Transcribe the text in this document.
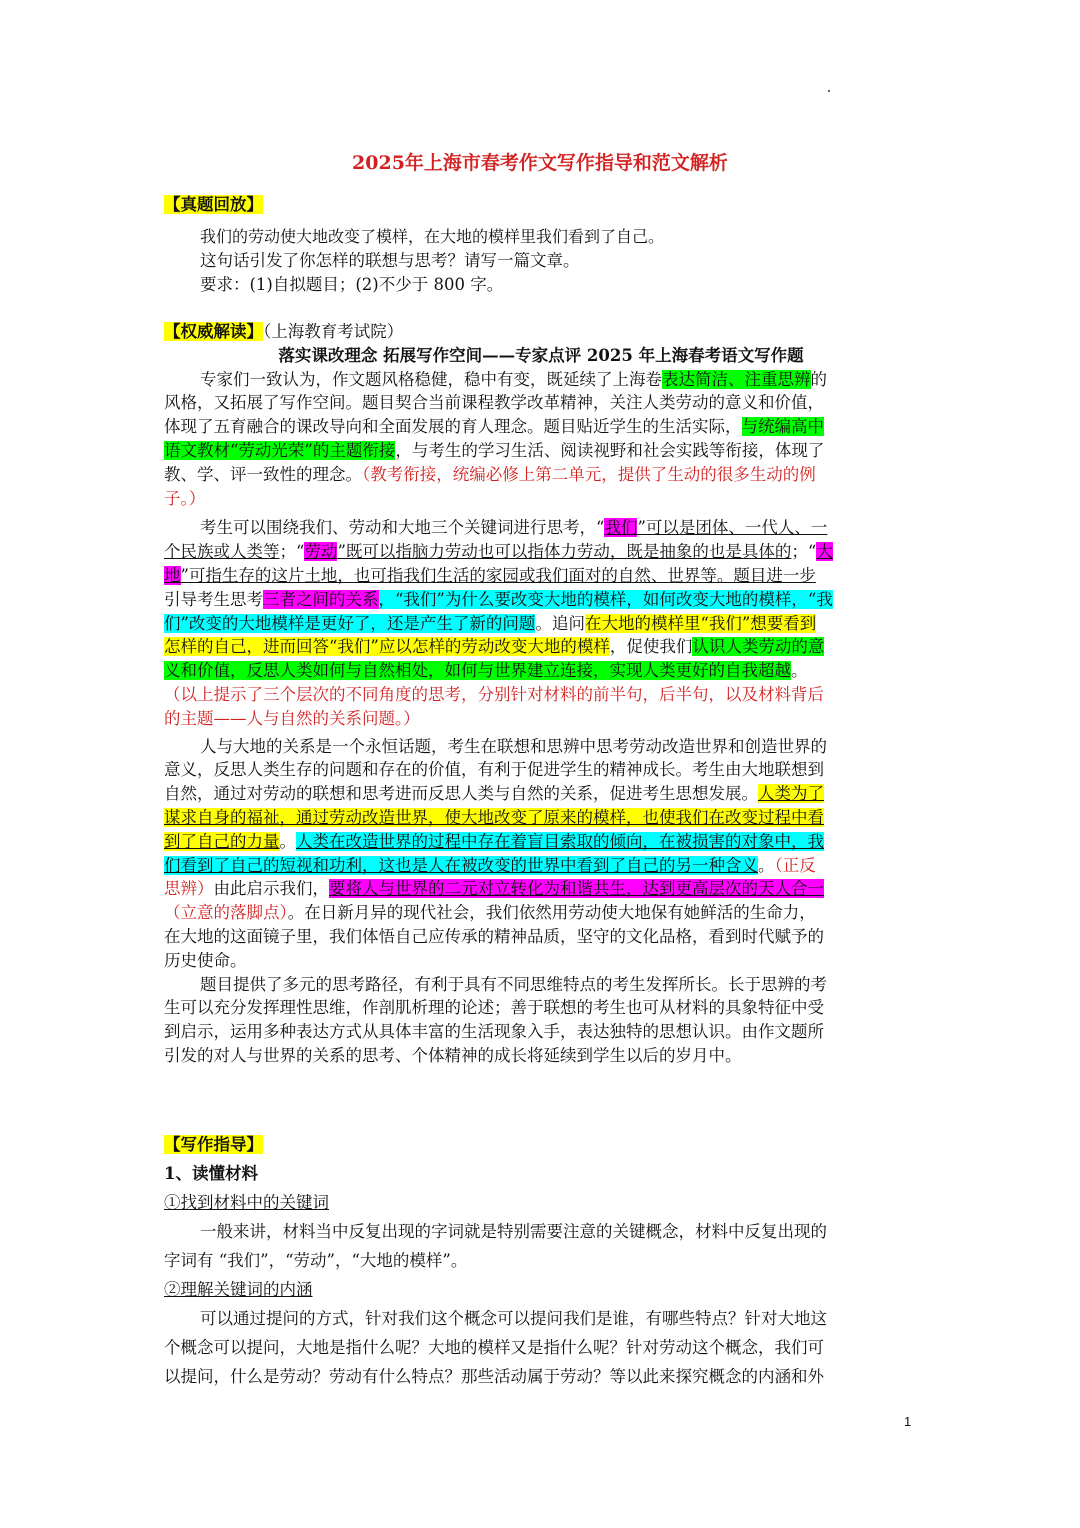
2025年上海市春考作文写作指导和范文解析
【真题回放】
我们的劳动使大地改变了模样，在大地的模样里我们看到了自己。
这句话引发了你怎样的联想与思考？请写一篇文章。
要求：(1)自拟题目；(2)不少于 800 字。
【权威解读】（上海教育考试院）
落实课改理念 拓展写作空间——专家点评 2025 年上海春考语文写作题
专家们一致认为，作文题风格稳健，稳中有变，既延续了上海卷表达简洁、注重思辨的
风格，又拓展了写作空间。题目契合当前课程教学改革精神，关注人类劳动的意义和价值，
体现了五育融合的课改导向和全面发展的育人理念。题目贴近学生的生活实际，与统编高中
语文教材“劳动光荣”的主题衔接，与考生的学习生活、阅读视野和社会实践等衔接，体现了
教、学、评一致性的理念。（教考衔接，统编必修上第二单元，提供了生动的很多生动的例
子。）
考生可以围绕我们、劳动和大地三个关键词进行思考，“我们”可以是团体、一代人、一
个民族或人类等；“劳动”既可以指脑力劳动也可以指体力劳动，既是抽象的也是具体的；“大
地”可指生存的这片土地，也可指我们生活的家园或我们面对的自然、世界等。题目进一步
引导考生思考三者之间的关系，“我们”为什么要改变大地的模样，如何改变大地的模样，“我
们”改变的大地模样是更好了，还是产生了新的问题。追问在大地的模样里“我们”想要看到
怎样的自己，进而回答“我们”应以怎样的劳动改变大地的模样，促使我们认识人类劳动的意
义和价值，反思人类如何与自然相处，如何与世界建立连接，实现人类更好的自我超越。
（以上提示了三个层次的不同角度的思考，分别针对材料的前半句，后半句，以及材料背后
的主题——人与自然的关系问题。）
人与大地的关系是一个永恒话题，考生在联想和思辨中思考劳动改造世界和创造世界的
意义，反思人类生存的问题和存在的价值，有利于促进学生的精神成长。考生由大地联想到
自然，通过对劳动的联想和思考进而反思人类与自然的关系，促进考生思想发展。人类为了
谋求自身的福祉，通过劳动改造世界，使大地改变了原来的模样，也使我们在改变过程中看
到了自己的力量。人类在改造世界的过程中存在着盲目索取的倾向，在被损害的对象中，我
们看到了自己的短视和功利，这也是人在被改变的世界中看到了自己的另一种含义。（正反
思辨）由此启示我们，要将人与世界的二元对立转化为和谐共生，达到更高层次的天人合一
（立意的落脚点）。在日新月异的现代社会，我们依然用劳动使大地保有她鲜活的生命力，
在大地的这面镜子里，我们体悟自己应传承的精神品质，坚守的文化品格，看到时代赋予的
历史使命。
题目提供了多元的思考路径，有利于具有不同思维特点的考生发挥所长。长于思辨的考
生可以充分发挥理性思维，作剖肌析理的论述；善于联想的考生也可从材料的具象特征中受
到启示，运用多种表达方式从具体丰富的生活现象入手，表达独特的思想认识。由作文题所
引发的对人与世界的关系的思考、个体精神的成长将延续到学生以后的岁月中。
【写作指导】
1、读懂材料
①找到材料中的关键词
一般来讲，材料当中反复出现的字词就是特别需要注意的关键概念，材料中反复出现的
字词有 “我们”，“劳动”，“大地的模样”。
②理解关键词的内涵
可以通过提问的方式，针对我们这个概念可以提问我们是谁，有哪些特点？针对大地这
个概念可以提问，大地是指什么呢？大地的模样又是指什么呢？针对劳动这个概念，我们可
以提问，什么是劳动？劳动有什么特点？那些活动属于劳动？等以此来探究概念的内涵和外
1
